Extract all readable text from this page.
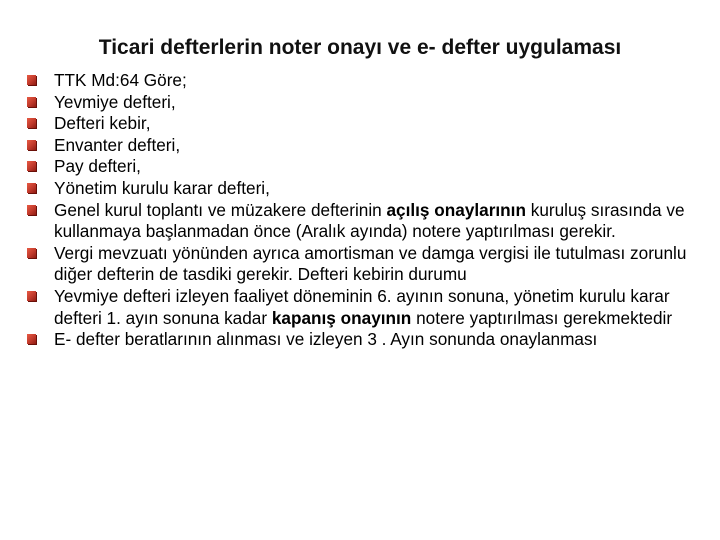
Ticari defterlerin noter onayı ve e- defter uygulaması
TTK Md:64 Göre;
Yevmiye defteri,
Defteri kebir,
Envanter defteri,
Pay defteri,
Yönetim kurulu karar defteri,
Genel kurul toplantı ve müzakere defterinin açılış onaylarının kuruluş sırasında ve kullanmaya başlanmadan önce (Aralık ayında) notere yaptırılması gerekir.
Vergi mevzuatı yönünden ayrıca amortisman ve damga vergisi ile tutulması zorunlu diğer defterin de tasdiki gerekir. Defteri kebirin durumu
Yevmiye defteri izleyen faaliyet döneminin 6. ayının sonuna, yönetim kurulu karar defteri 1. ayın sonuna kadar kapanış onayının notere yaptırılması gerekmektedir
E- defter beratlarının alınması ve izleyen 3 . Ayın sonunda onaylanması
